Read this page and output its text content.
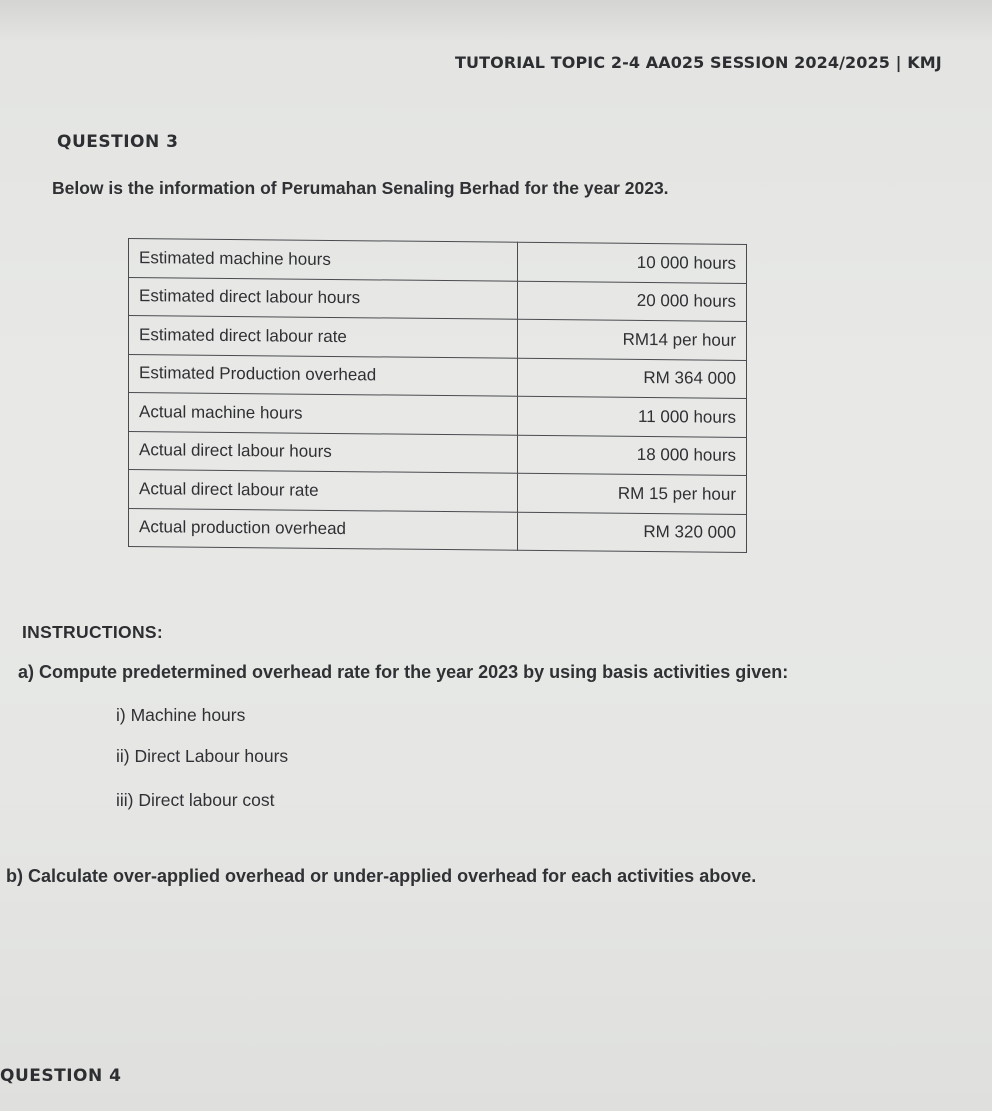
TUTORIAL TOPIC 2-4 AA025 SESSION 2024/2025 | KMJ
QUESTION 3
Below is the information of Perumahan Senaling Berhad for the year 2023.
Estimated machine hours	10 000 hours
Estimated direct labour hours	20 000 hours
Estimated direct labour rate	RM14 per hour
Estimated Production overhead	RM 364 000
Actual machine hours	11 000 hours
Actual direct labour hours	18 000 hours
Actual direct labour rate	RM 15 per hour
Actual production overhead	RM 320 000
INSTRUCTIONS:
a) Compute predetermined overhead rate for the year 2023 by using basis activities given:
i) Machine hours
ii) Direct Labour hours
iii) Direct labour cost
b) Calculate over-applied overhead or under-applied overhead for each activities above.
QUESTION 4
